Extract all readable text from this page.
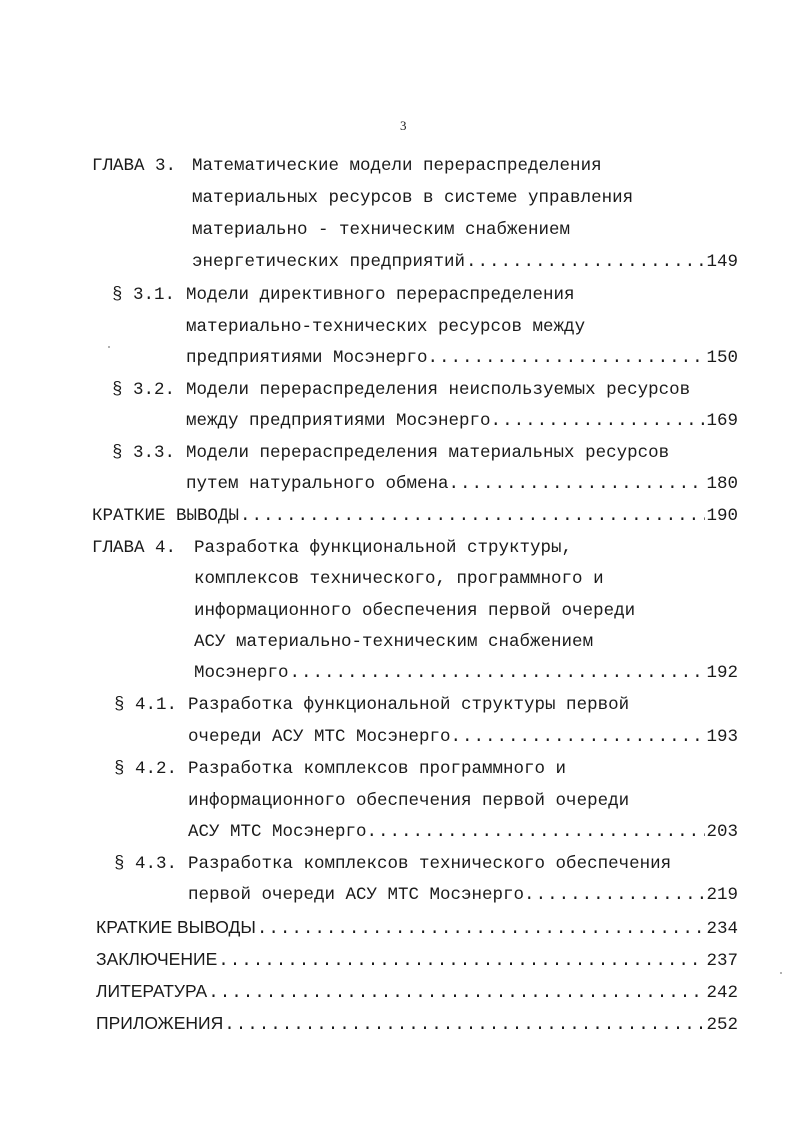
3
ГЛАВА 3. Математические модели перераспределения
материальных ресурсов в системе управления
материально - техническим снабжением
энергетических предприятий .....	149
§ 3.1. Модели директивного перераспределения
материально-технических ресурсов между
предприятиями Мосэнерго. .....	150
§ 3.2. Модели перераспределения неиспользуемых ресурсов
между предприятиями Мосэнерго. .....	169
§ 3.3. Модели перераспределения материальных ресурсов
путем натурального обмена. .....	180
КРАТКИЕ ВЫВОДЫ .....	190
ГЛАВА 4. Разработка функциональной структуры,
комплексов технического, программного и
информационного обеспечения первой очереди
АСУ материально-техническим снабжением
Мосэнерго .....	192
§ 4.1. Разработка функциональной структуры первой
очереди АСУ МТС Мосэнерго. .....	193
§ 4.2. Разработка комплексов программного и
информационного обеспечения первой очереди
АСУ МТС Мосэнерго. .....	203
§ 4.3. Разработка комплексов технического обеспечения
первой очереди АСУ МТС Мосэнерго. .....	219
КРАТКИЕ ВЫВОДЫ .....	234
ЗАКЛЮЧЕНИЕ .....	237
ЛИТЕРАТУРА .....	242
ПРИЛОЖЕНИЯ .....	252
